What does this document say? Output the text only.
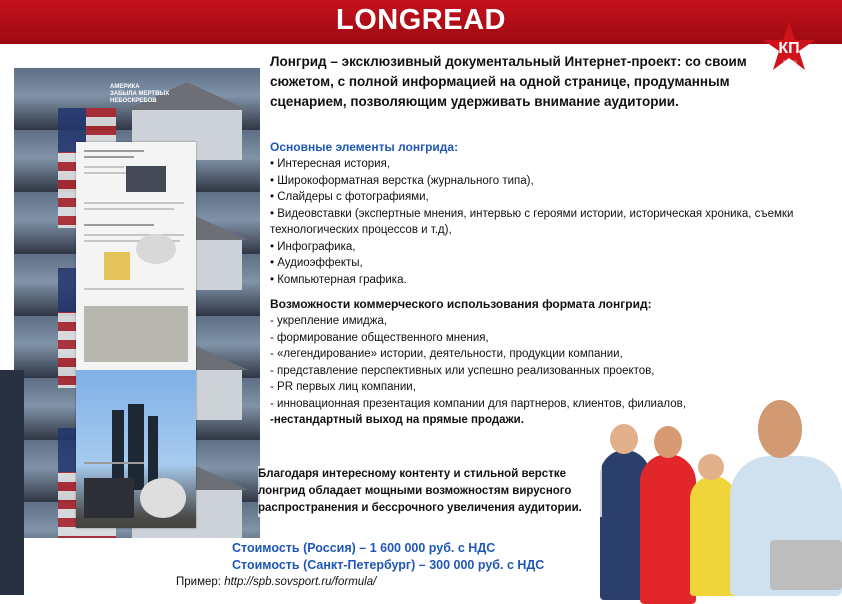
LONGREAD
КП
kp.ru
АМЕРИКА
ЗАБЫЛА МЕРТВЫХ
НЕБОСКРЕБОВ
Лонгрид – эксклюзивный документальный Интернет-проект: со своим сюжетом, с полной информацией на одной странице, продуманным сценарием, позволяющим удерживать внимание аудитории.
Основные элементы лонгрида:
• Интересная история,
• Широкоформатная верстка (журнального типа),
• Слайдеры с фотографиями,
• Видеовставки (экспертные мнения, интервью с героями истории, историческая хроника, съемки технологических процессов и т.д),
• Инфографика,
• Аудиоэффекты,
• Компьютерная графика.
Возможности коммерческого использования формата лонгрид:
- укрепление имиджа,
- формирование общественного мнения,
- «легендирование» истории, деятельности, продукции компании,
- представление перспективных или успешно реализованных проектов,
- PR первых лиц компании,
- инновационная презентация компании для партнеров, клиентов, филиалов,
-нестандартный выход на прямые продажи.
Благодаря интересному контенту и стильной верстке лонгрид обладает мощными возможностям вирусного распространения и бессрочного увеличения аудитории.
Стоимость (Россия) – 1 600 000 руб. с НДС
Стоимость (Санкт-Петербург) – 300 000 руб. с НДС
Пример: http://spb.sovsport.ru/formula/
